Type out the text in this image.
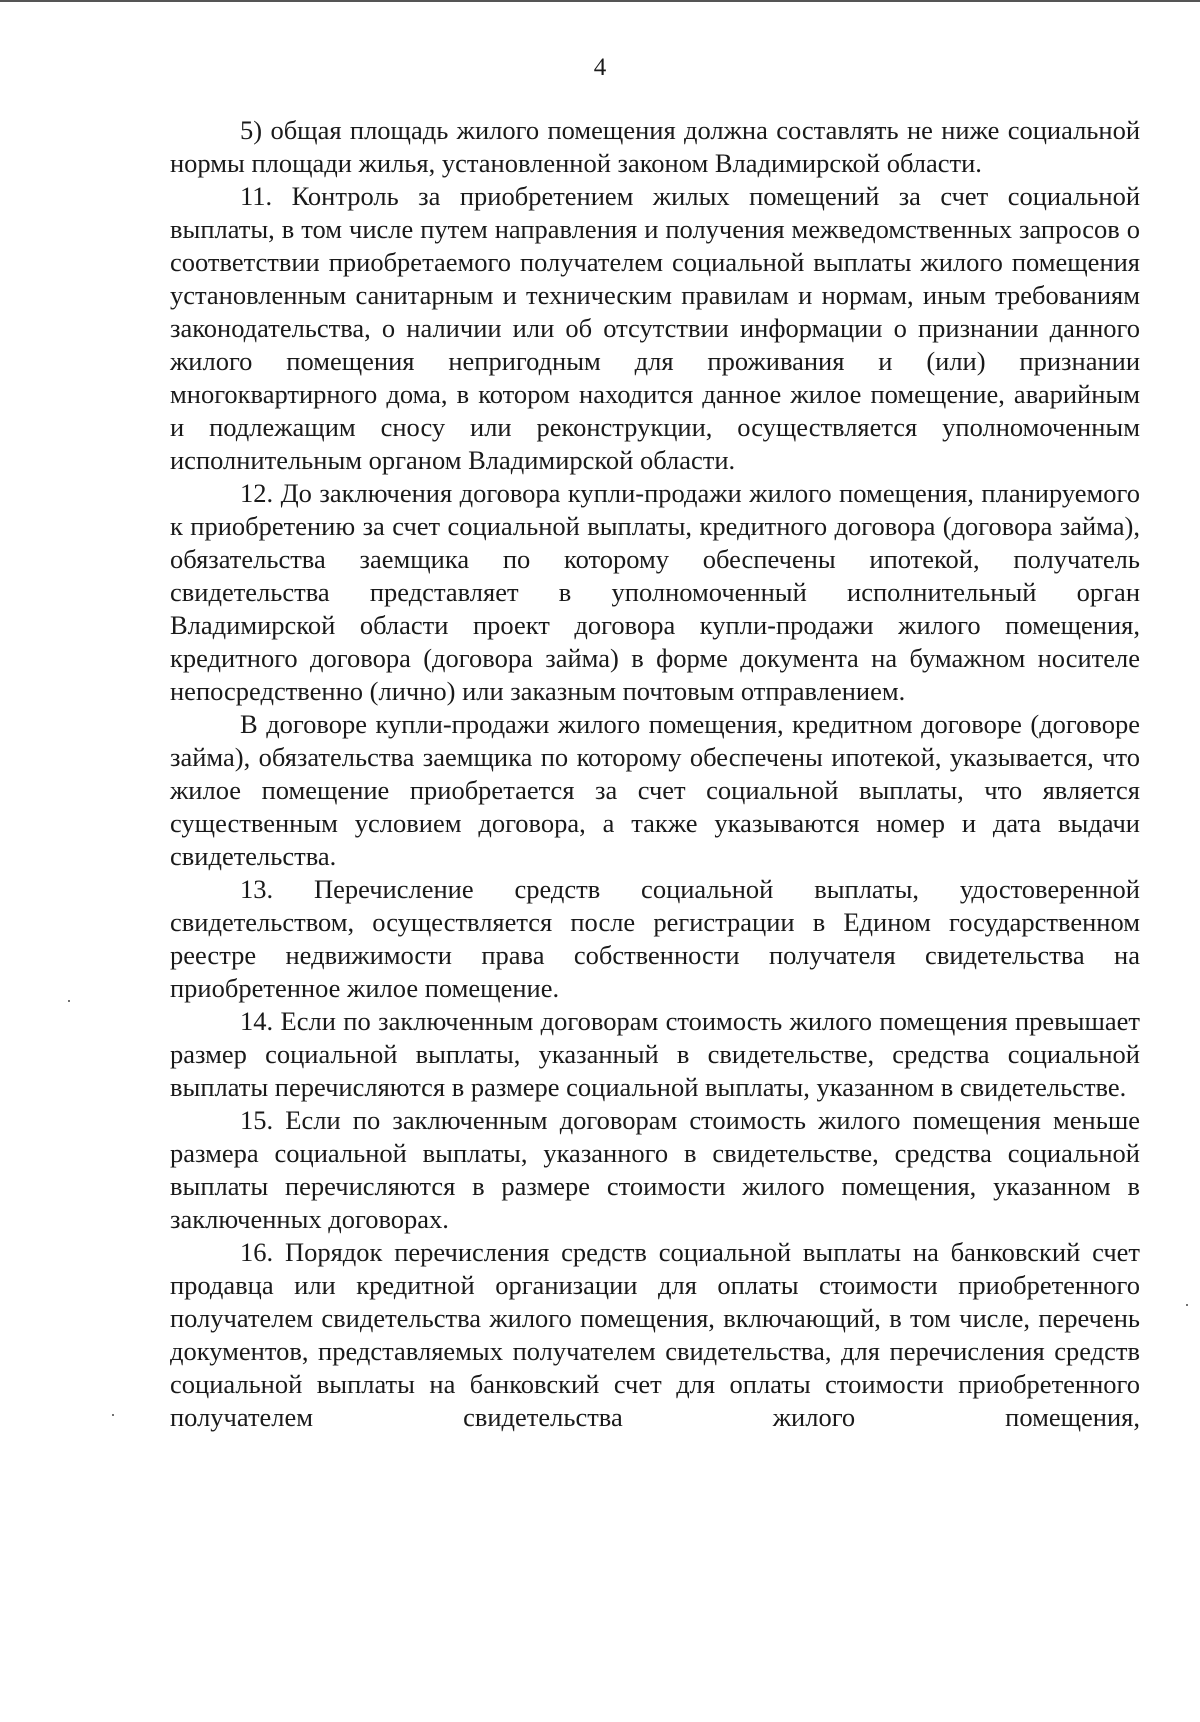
4

5) общая площадь жилого помещения должна составлять не ниже социальной нормы площади жилья, установленной законом Владимирской области.

11. Контроль за приобретением жилых помещений за счет социальной выплаты, в том числе путем направления и получения межведомственных запросов о соответствии приобретаемого получателем социальной выплаты жилого помещения установленным санитарным и техническим правилам и нормам, иным требованиям законодательства, о наличии или об отсутствии информации о признании данного жилого помещения непригодным для проживания и (или) признании многоквартирного дома, в котором находится данное жилое помещение, аварийным и подлежащим сносу или реконструкции, осуществляется уполномоченным исполнительным органом Владимирской области.

12. До заключения договора купли-продажи жилого помещения, планируемого к приобретению за счет социальной выплаты, кредитного договора (договора займа), обязательства заемщика по которому обеспечены ипотекой, получатель свидетельства представляет в уполномоченный исполнительный орган Владимирской области проект договора купли-продажи жилого помещения, кредитного договора (договора займа) в форме документа на бумажном носителе непосредственно (лично) или заказным почтовым отправлением.

В договоре купли-продажи жилого помещения, кредитном договоре (договоре займа), обязательства заемщика по которому обеспечены ипотекой, указывается, что жилое помещение приобретается за счет социальной выплаты, что является существенным условием договора, а также указываются номер и дата выдачи свидетельства.

13. Перечисление средств социальной выплаты, удостоверенной свидетельством, осуществляется после регистрации в Едином государственном реестре недвижимости права собственности получателя свидетельства на приобретенное жилое помещение.

14. Если по заключенным договорам стоимость жилого помещения превышает размер социальной выплаты, указанный в свидетельстве, средства социальной выплаты перечисляются в размере социальной выплаты, указанном в свидетельстве.

15. Если по заключенным договорам стоимость жилого помещения меньше размера социальной выплаты, указанного в свидетельстве, средства социальной выплаты перечисляются в размере стоимости жилого помещения, указанном в заключенных договорах.

16. Порядок перечисления средств социальной выплаты на банковский счет продавца или кредитной организации для оплаты стоимости приобретенного получателем свидетельства жилого помещения, включающий, в том числе, перечень документов, представляемых получателем свидетельства, для перечисления средств социальной выплаты на банковский счет для оплаты стоимости приобретенного получателем свидетельства жилого помещения,
